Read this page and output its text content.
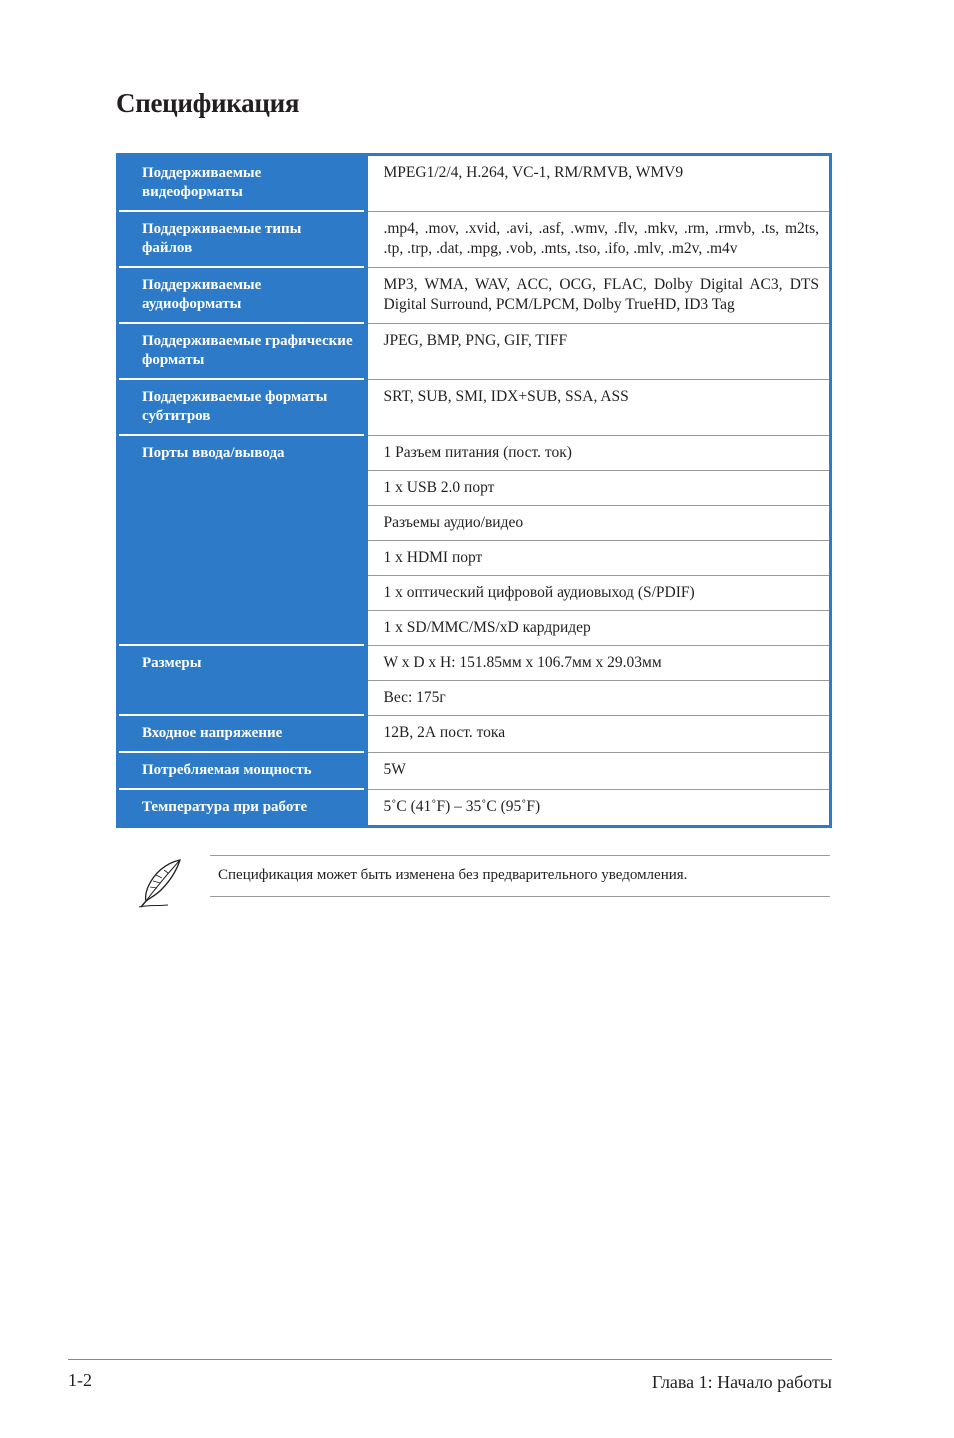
Спецификация
Поддерживаемые видеоформаты	MPEG1/2/4, H.264, VC-1, RM/RMVB, WMV9
Поддерживаемые типы файлов	.mp4, .mov, .xvid, .avi, .asf, .wmv, .flv, .mkv, .rm, .rmvb, .ts, m2ts, .tp, .trp, .dat, .mpg, .vob, .mts, .tso, .ifo, .mlv, .m2v, .m4v
Поддерживаемые аудиоформаты	MP3, WMA, WAV, ACC, OCG, FLAC, Dolby Digital AC3, DTS Digital Surround, PCM/LPCM, Dolby TrueHD, ID3 Tag
Поддерживаемые графические форматы	JPEG, BMP, PNG, GIF, TIFF
Поддерживаемые форматы субтитров	SRT, SUB, SMI, IDX+SUB, SSA, ASS
Порты ввода/вывода	1 Разъем питания (пост. ток)
	1 x USB 2.0 порт
	Разъемы аудио/видео
	1 x HDMI порт
	1 x оптический цифровой аудиовыход (S/PDIF)
	1 x SD/MMC/MS/xD кардридер
Размеры	W x D x H: 151.85мм x 106.7мм x 29.03мм
	Вес: 175г
Входное напряжение	12В, 2А пост. тока
Потребляемая мощность	5W
Температура при работе	5˚C (41˚F) – 35˚C (95˚F)
Спецификация может быть изменена без предварительного уведомления.
1-2	Глава 1: Начало работы
